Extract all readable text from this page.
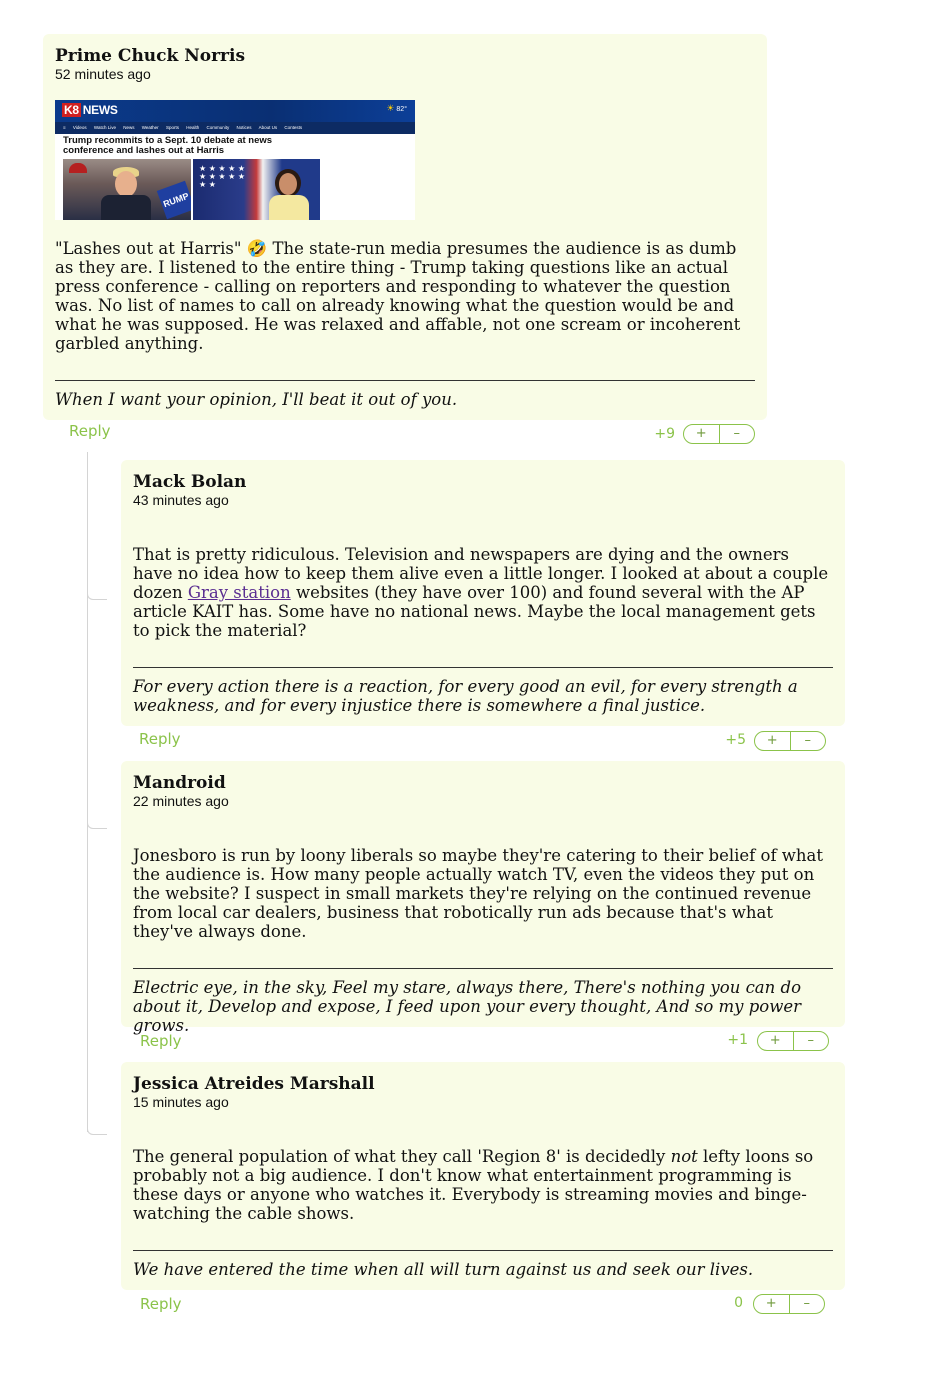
Prime Chuck Norris
52 minutes ago
"Lashes out at Harris" 🤣 The state-run media presumes the audience is as dumb as they are. I listened to the entire thing - Trump taking questions like an actual press conference - calling on reporters and responding to whatever the question was. No list of names to call on already knowing what the question would be and what he was supposed. He was relaxed and affable, not one scream or incoherent garbled anything.
When I want your opinion, I'll beat it out of you.
K8 NEWS	☀ 82°
≡ Videos Watch Live News Weather Sports Health Community Notices About Us Contests
Trump recommits to a Sept. 10 debate at news conference and lashes out at Harris
RUMP
★ ★ ★ ★ ★ ★ ★ ★ ★ ★ ★ ★
Reply	+9	+	–
Mack Bolan
43 minutes ago
That is pretty ridiculous. Television and newspapers are dying and the owners have no idea how to keep them alive even a little longer. I looked at about a couple dozen Gray station websites (they have over 100) and found several with the AP article KAIT has. Some have no national news. Maybe the local management gets to pick the material?
For every action there is a reaction, for every good an evil, for every strength a weakness, and for every injustice there is somewhere a final justice.
Reply	+5	+	–
Mandroid
22 minutes ago
Jonesboro is run by loony liberals so maybe they're catering to their belief of what the audience is. How many people actually watch TV, even the videos they put on the website? I suspect in small markets they're relying on the continued revenue from local car dealers, business that robotically run ads because that's what they've always done.
Electric eye, in the sky, Feel my stare, always there, There's nothing you can do about it, Develop and expose, I feed upon your every thought, And so my power grows.
Reply	+1	+	–
Jessica Atreides Marshall
15 minutes ago
The general population of what they call 'Region 8' is decidedly not lefty loons so probably not a big audience. I don't know what entertainment programming is these days or anyone who watches it. Everybody is streaming movies and binge-watching the cable shows.
We have entered the time when all will turn against us and seek our lives.
Reply	0	+	–
